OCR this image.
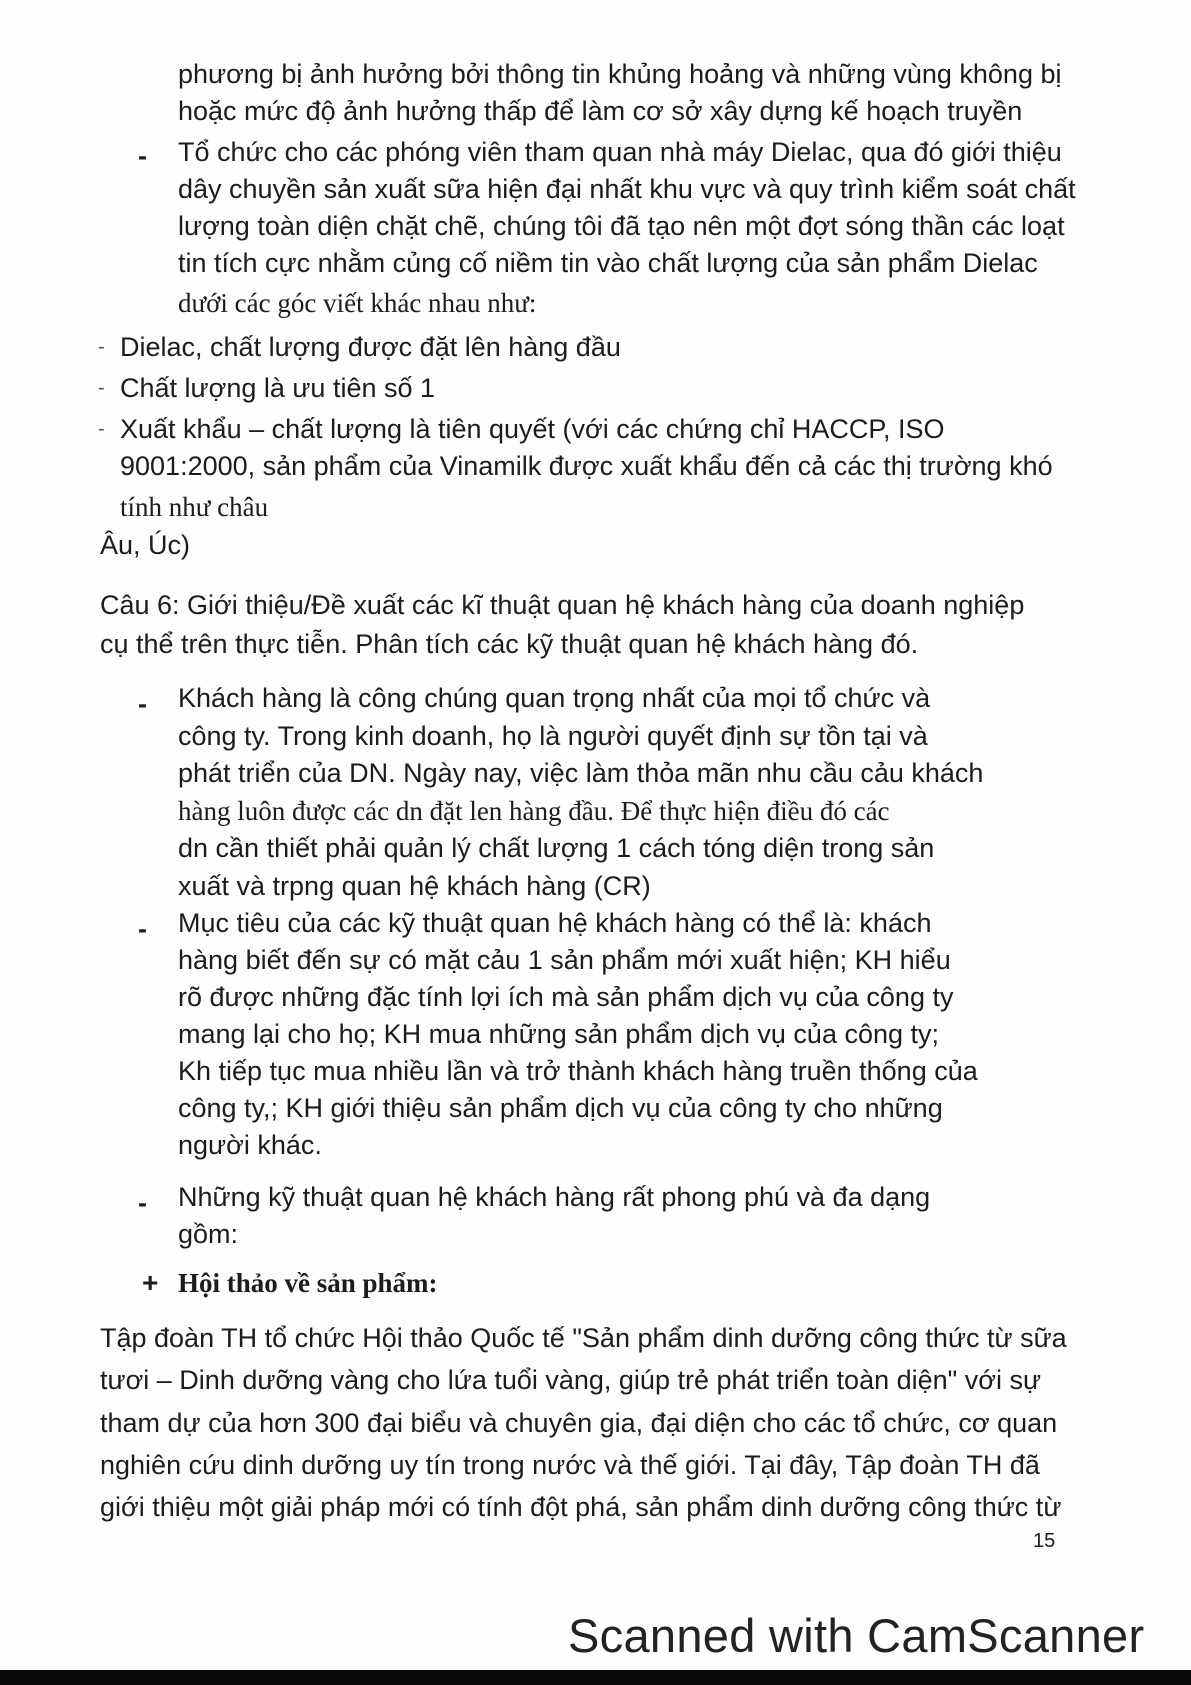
phương bị ảnh hưởng bởi thông tin khủng hoảng và những vùng không bị
hoặc mức độ ảnh hưởng thấp để làm cơ sở xây dựng kế hoạch truyền
- Tổ chức cho các phóng viên tham quan nhà máy Dielac, qua đó giới thiệu
dây chuyền sản xuất sữa hiện đại nhất khu vực và quy trình kiểm soát chất
lượng toàn diện chặt chẽ, chúng tôi đã tạo nên một đợt sóng thần các loạt
tin tích cực nhằm củng cố niềm tin vào chất lượng của sản phẩm Dielac
dưới các góc viết khác nhau như:
- Dielac, chất lượng được đặt lên hàng đầu
- Chất lượng là ưu tiên số 1
- Xuất khẩu – chất lượng là tiên quyết (với các chứng chỉ HACCP, ISO
9001:2000, sản phẩm của Vinamilk được xuất khẩu đến cả các thị trường khó
tính như châu
Âu, Úc)
Câu 6: Giới thiệu/Đề xuất các kĩ thuật quan hệ khách hàng của doanh nghiệp
cụ thể trên thực tiễn. Phân tích các kỹ thuật quan hệ khách hàng đó.
- Khách hàng là công chúng quan trọng nhất của mọi tổ chức và
công ty. Trong kinh doanh, họ là người quyết định sự tồn tại và
phát triển của DN. Ngày nay, việc làm thỏa mãn nhu cầu cảu khách
hàng luôn được các dn đặt len hàng đầu. Để thực hiện điều đó các
dn cần thiết phải quản lý chất lượng 1 cách tóng diện trong sản
xuất và trpng quan hệ khách hàng (CR)
- Mục tiêu của các kỹ thuật quan hệ khách hàng có thể là: khách
hàng biết đến sự có mặt cảu 1 sản phẩm mới xuất hiện; KH hiểu
rõ được những đặc tính lợi ích mà sản phẩm dịch vụ của công ty
mang lại cho họ; KH mua những sản phẩm dịch vụ của công ty;
Kh tiếp tục mua nhiều lần và trở thành khách hàng truền thống của
công ty,; KH giới thiệu sản phẩm dịch vụ của công ty cho những
người khác.
- Những kỹ thuật quan hệ khách hàng rất phong phú và đa dạng
gồm:
+ Hội thảo về sản phẩm:
Tập đoàn TH tổ chức Hội thảo Quốc tế "Sản phẩm dinh dưỡng công thức từ sữa
tươi – Dinh dưỡng vàng cho lứa tuổi vàng, giúp trẻ phát triển toàn diện" với sự
tham dự của hơn 300 đại biểu và chuyên gia, đại diện cho các tổ chức, cơ quan
nghiên cứu dinh dưỡng uy tín trong nước và thế giới. Tại đây, Tập đoàn TH đã
giới thiệu một giải pháp mới có tính đột phá, sản phẩm dinh dưỡng công thức từ
15
Scanned with CamScanner
